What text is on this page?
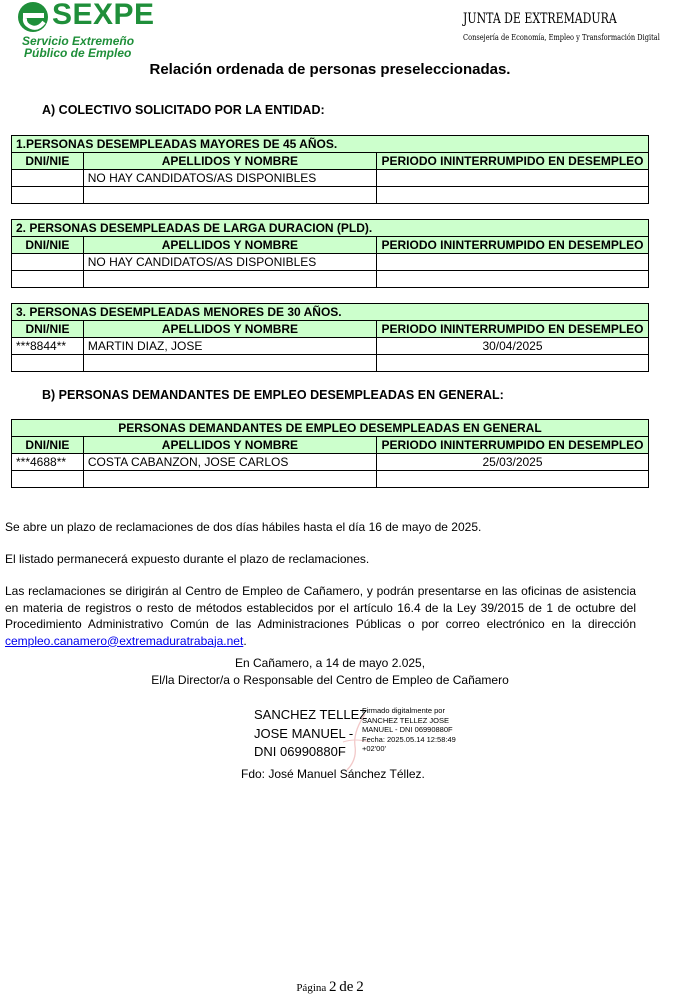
SEXPE
Servicio Extremeño
Público de Empleo
JUNTA DE EXTREMADURA
Consejería de Economía, Empleo y Transformación Digital
Relación ordenada de personas preseleccionadas.
A) COLECTIVO SOLICITADO POR LA ENTIDAD:
1.PERSONAS DESEMPLEADAS MAYORES DE 45 AÑOS.		
DNI/NIE	APELLIDOS Y NOMBRE	PERIODO ININTERRUMPIDO EN DESEMPLEO
	NO HAY CANDIDATOS/AS DISPONIBLES	

2. PERSONAS DESEMPLEADAS DE LARGA DURACION (PLD).		
DNI/NIE	APELLIDOS Y NOMBRE	PERIODO ININTERRUMPIDO EN DESEMPLEO
	NO HAY CANDIDATOS/AS DISPONIBLES	

3. PERSONAS DESEMPLEADAS MENORES DE 30 AÑOS.		
DNI/NIE	APELLIDOS Y NOMBRE	PERIODO ININTERRUMPIDO EN DESEMPLEO
***8844**	MARTIN DIAZ, JOSE	30/04/2025

B) PERSONAS DEMANDANTES DE EMPLEO DESEMPLEADAS EN GENERAL:
PERSONAS DEMANDANTES DE EMPLEO DESEMPLEADAS EN GENERAL		
DNI/NIE	APELLIDOS Y NOMBRE	PERIODO ININTERRUMPIDO EN DESEMPLEO
***4688**	COSTA CABANZON, JOSE CARLOS	25/03/2025

Se abre un plazo de reclamaciones de dos días hábiles hasta el día 16 de mayo de 2025.
El listado permanecerá expuesto durante el plazo de reclamaciones.
Las reclamaciones se dirigirán al Centro de Empleo de Cañamero, y podrán presentarse en las oficinas de asistencia en materia de registros o resto de métodos establecidos por el artículo 16.4 de la Ley 39/2015 de 1 de octubre del Procedimiento Administrativo Común de las Administraciones Públicas o por correo electrónico en la dirección cempleo.canamero@extremaduratrabaja.net.
En Cañamero, a 14 de mayo 2.025,
El/la Director/a o Responsable del Centro de Empleo de Cañamero
SANCHEZ TELLEZ
JOSE MANUEL -
DNI 06990880F
Firmado digitalmente por
SANCHEZ TELLEZ JOSE
MANUEL - DNI 06990880F
Fecha: 2025.05.14 12:58:49
+02'00'
Fdo: José Manuel Sánchez Téllez.
Página 2 de 2
